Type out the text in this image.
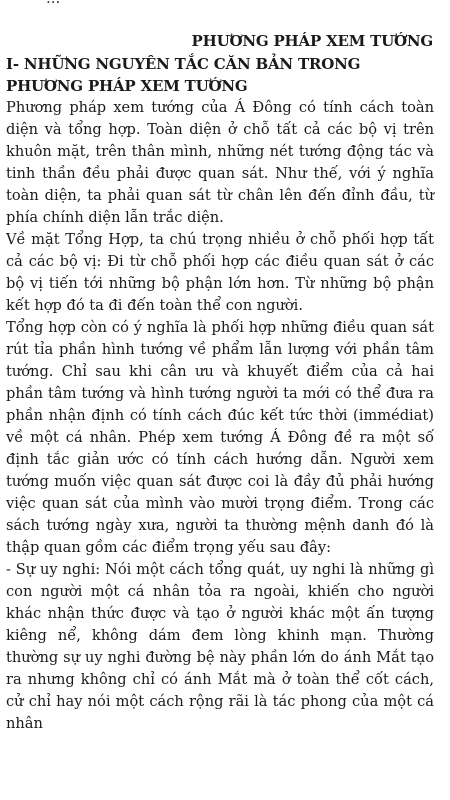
PHƯƠNG PHÁP XEM TƯỚNG
I- NHỮNG NGUYÊN TẮC CĂN BẢN TRONG PHƯƠNG PHÁP XEM TƯỚNG

Phương pháp xem tướng của Á Đông có tính cách toàn diện và tổng hợp. Toàn diện ở chỗ tất cả các bộ vị trên khuôn mặt, trên thân mình, những nét tướng động tác và tinh thần đều phải được quan sát. Như thế, với ý nghĩa toàn diện, ta phải quan sát từ chân lên đến đỉnh đầu, từ phía chính diện lẫn trắc diện.

Về mặt Tổng Hợp, ta chú trọng nhiều ở chỗ phối hợp tất cả các bộ vị: Đi từ chỗ phối hợp các điều quan sát ở các bộ vị tiến tới những bộ phận lớn hơn. Từ những bộ phận kết hợp đó ta đi đến toàn thể con người.

Tổng hợp còn có ý nghĩa là phối hợp những điều quan sát rút tỉa phần hình tướng về phẩm lẫn lượng với phần tâm tướng. Chỉ sau khi cân ưu và khuyết điểm của cả hai phần tâm tướng và hình tướng người ta mới có thể đưa ra phần nhận định có tính cách đúc kết tức thời (immédiat) về một cá nhân. Phép xem tướng Á Đông đề ra một số định tắc giản ước có tính cách hướng dẫn. Người xem tướng muốn việc quan sát được coi là đầy đủ phải hướng việc quan sát của mình vào mười trọng điểm. Trong các sách tướng ngày xưa, người ta thường mệnh danh đó là thập quan gồm các điểm trọng yếu sau đây:

- Sự uy nghi: Nói một cách tổng quát, uy nghi là những gì con người một cá nhân tỏa ra ngoài, khiến cho người khác nhận thức được và tạo ở người khác một ấn tượng kiêng nể, không dám đem lòng khinh mạn. Thường thường sự uy nghi đường bệ này phần lớn do ánh Mắt tạo ra nhưng không chỉ có ánh Mắt mà ở toàn thể cốt cách, cử chỉ hay nói một cách rộng rãi là tác phong của một cá nhân
